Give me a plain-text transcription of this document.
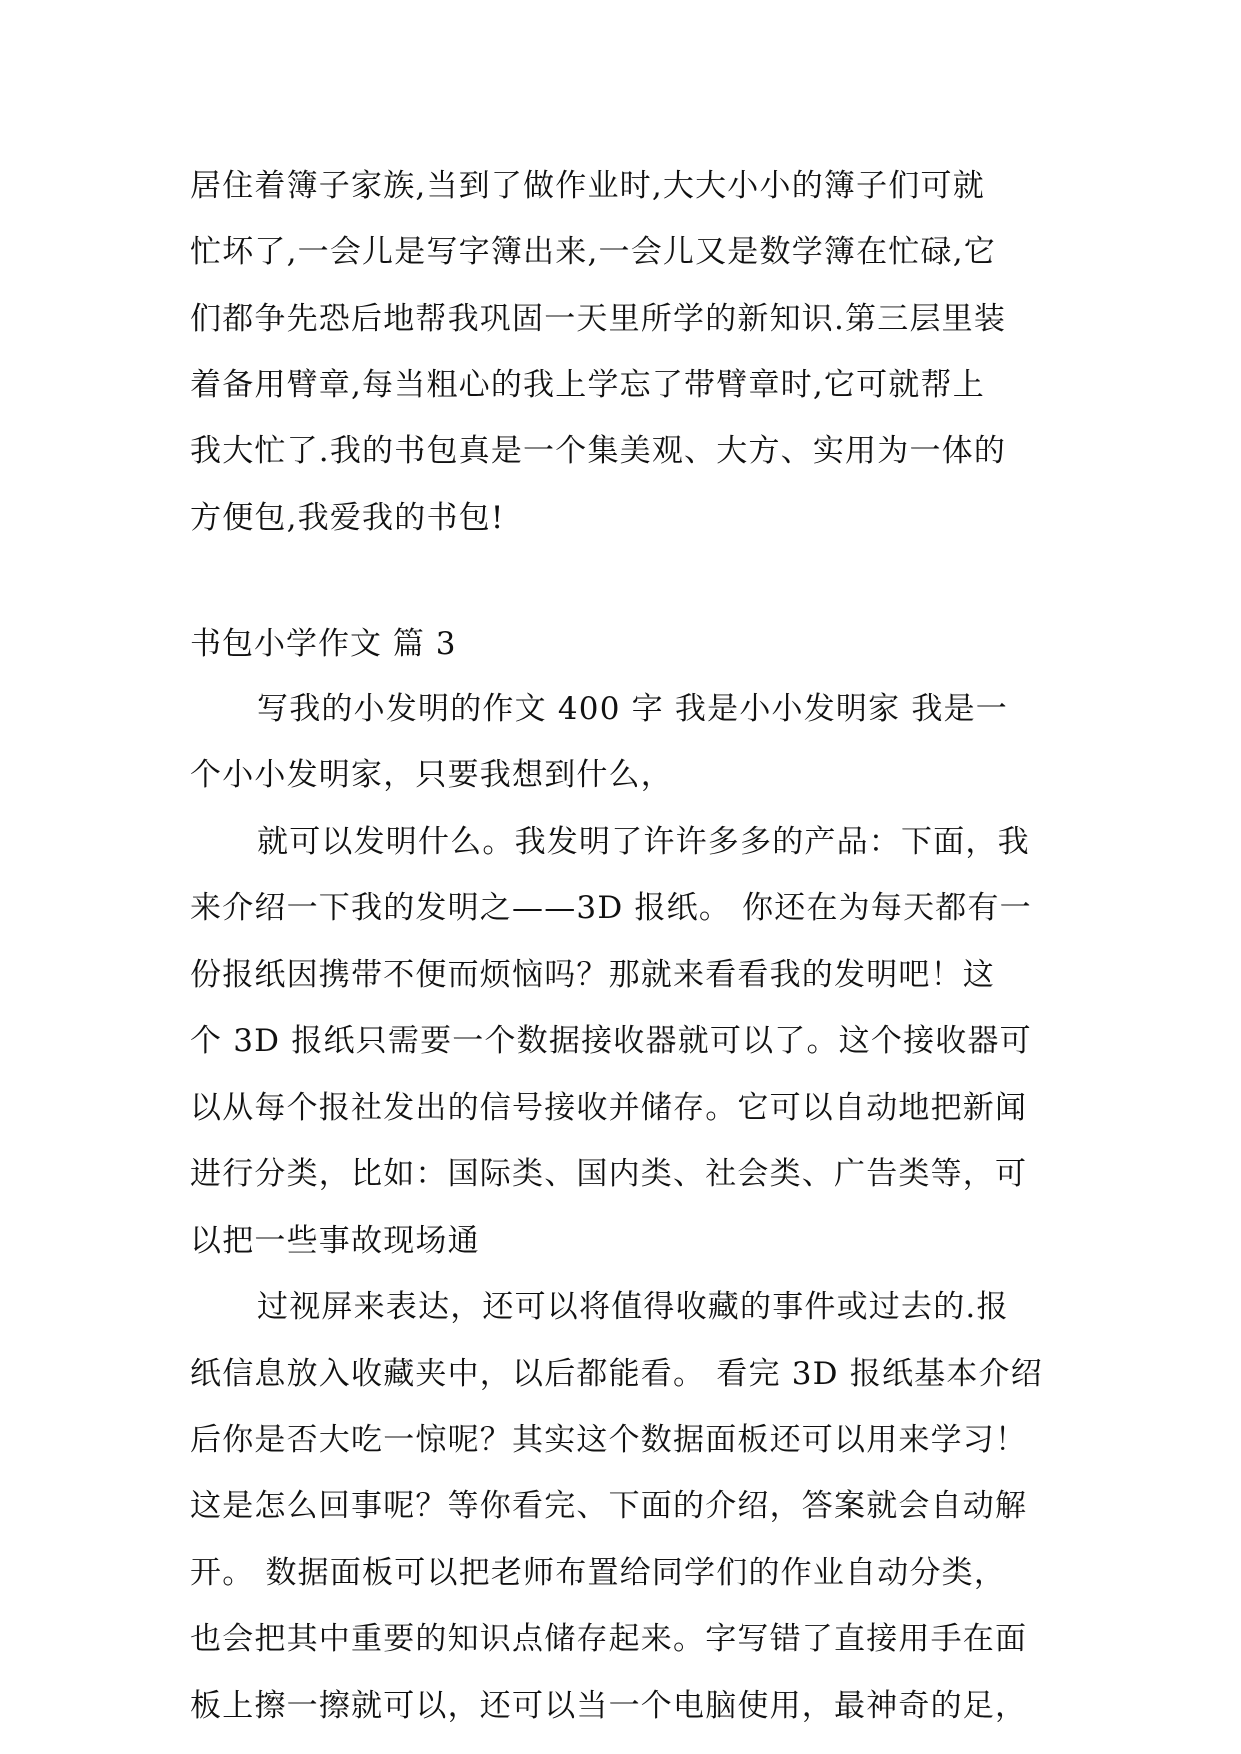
居住着簿子家族,当到了做作业时,大大小小的簿子们可就
忙坏了,一会儿是写字簿出来,一会儿又是数学簿在忙碌,它
们都争先恐后地帮我巩固一天里所学的新知识.第三层里装
着备用臂章,每当粗心的我上学忘了带臂章时,它可就帮上
我大忙了.我的书包真是一个集美观、大方、实用为一体的
方便包,我爱我的书包!
书包小学作文 篇 3
写我的小发明的作文 400 字 我是小小发明家 我是一
个小小发明家，只要我想到什么，
就可以发明什么。我发明了许许多多的产品：下面，我
来介绍一下我的发明之——3D 报纸。 你还在为每天都有一
份报纸因携带不便而烦恼吗？那就来看看我的发明吧！这
个 3D 报纸只需要一个数据接收器就可以了。这个接收器可
以从每个报社发出的信号接收并储存。它可以自动地把新闻
进行分类，比如：国际类、国内类、社会类、广告类等，可
以把一些事故现场通
过视屏来表达，还可以将值得收藏的事件或过去的.报
纸信息放入收藏夹中，以后都能看。 看完 3D 报纸基本介绍
后你是否大吃一惊呢？其实这个数据面板还可以用来学习！
这是怎么回事呢？等你看完、下面的介绍，答案就会自动解
开。 数据面板可以把老师布置给同学们的作业自动分类，
也会把其中重要的知识点储存起来。字写错了直接用手在面
板上擦一擦就可以，还可以当一个电脑使用，最神奇的足，
